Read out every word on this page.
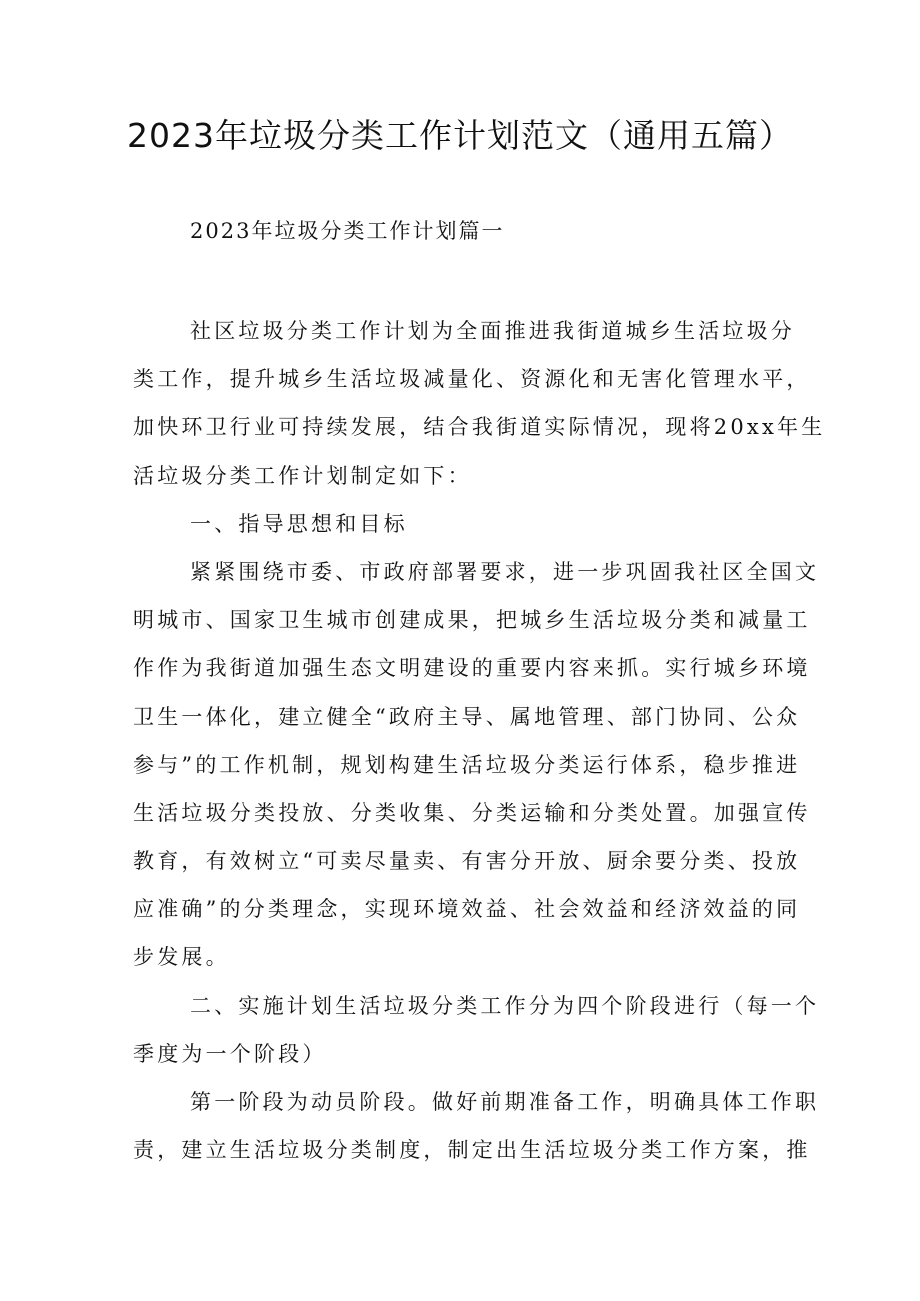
2023年垃圾分类工作计划范文（通用五篇）
2023年垃圾分类工作计划篇一
社区垃圾分类工作计划为全面推进我街道城乡生活垃圾分
类工作，提升城乡生活垃圾减量化、资源化和无害化管理水平，
加快环卫行业可持续发展，结合我街道实际情况，现将20xx年生
活垃圾分类工作计划制定如下：
一、指导思想和目标
紧紧围绕市委、市政府部署要求，进一步巩固我社区全国文
明城市、国家卫生城市创建成果，把城乡生活垃圾分类和减量工
作作为我街道加强生态文明建设的重要内容来抓。实行城乡环境
卫生一体化，建立健全“政府主导、属地管理、部门协同、公众
参与”的工作机制，规划构建生活垃圾分类运行体系，稳步推进
生活垃圾分类投放、分类收集、分类运输和分类处置。加强宣传
教育，有效树立“可卖尽量卖、有害分开放、厨余要分类、投放
应准确”的分类理念，实现环境效益、社会效益和经济效益的同
步发展。
二、实施计划生活垃圾分类工作分为四个阶段进行（每一个
季度为一个阶段）
第一阶段为动员阶段。做好前期准备工作，明确具体工作职
责，建立生活垃圾分类制度，制定出生活垃圾分类工作方案，推
